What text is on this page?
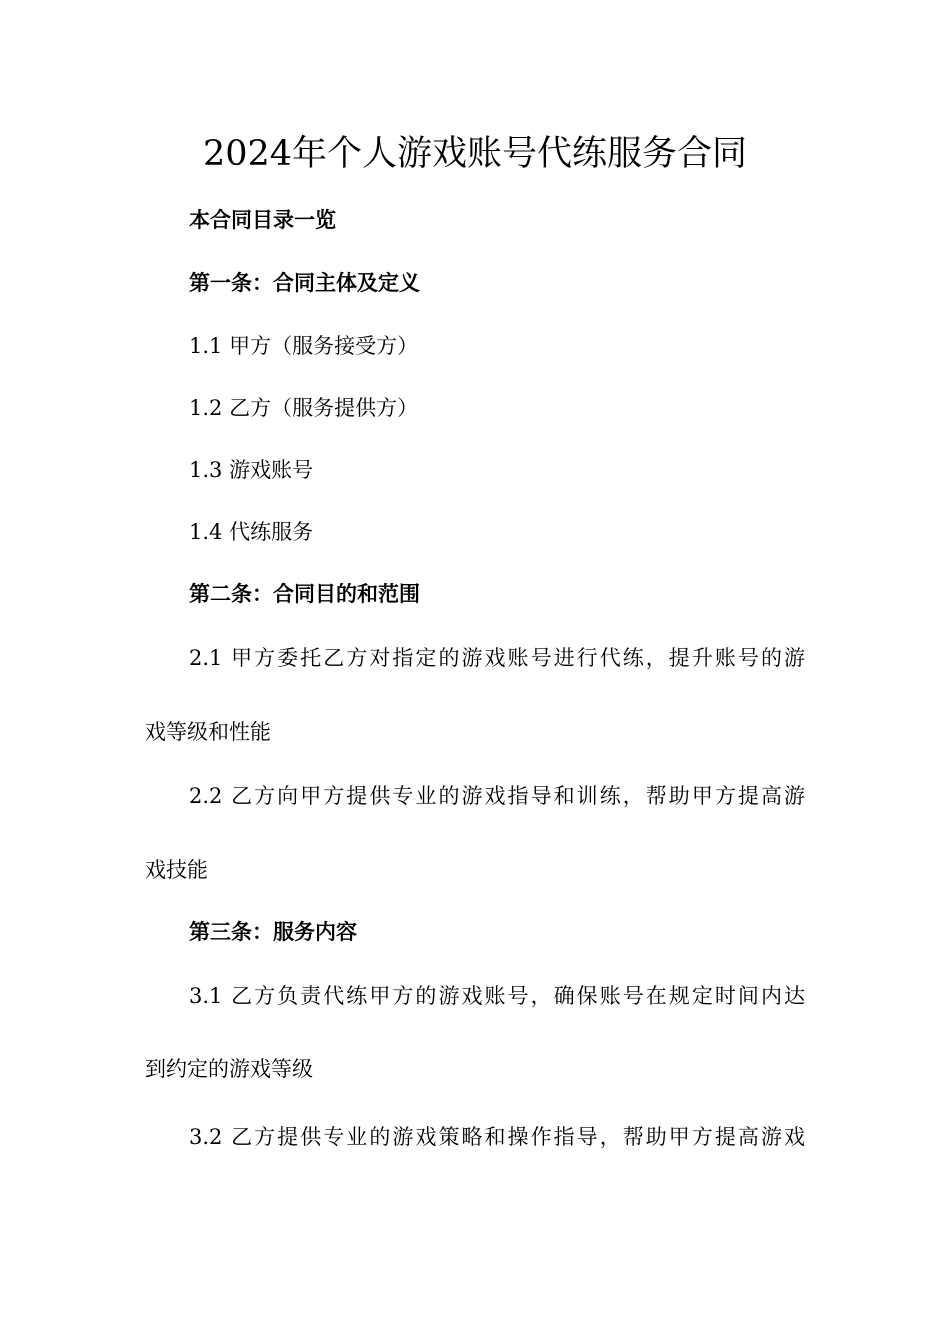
2024年个人游戏账号代练服务合同

本合同目录一览

第一条：合同主体及定义

1.1 甲方（服务接受方）

1.2 乙方（服务提供方）

1.3 游戏账号

1.4 代练服务

第二条：合同目的和范围

2.1 甲方委托乙方对指定的游戏账号进行代练，提升账号的游

戏等级和性能

2.2 乙方向甲方提供专业的游戏指导和训练，帮助甲方提高游

戏技能

第三条：服务内容

3.1 乙方负责代练甲方的游戏账号，确保账号在规定时间内达

到约定的游戏等级

3.2 乙方提供专业的游戏策略和操作指导，帮助甲方提高游戏
